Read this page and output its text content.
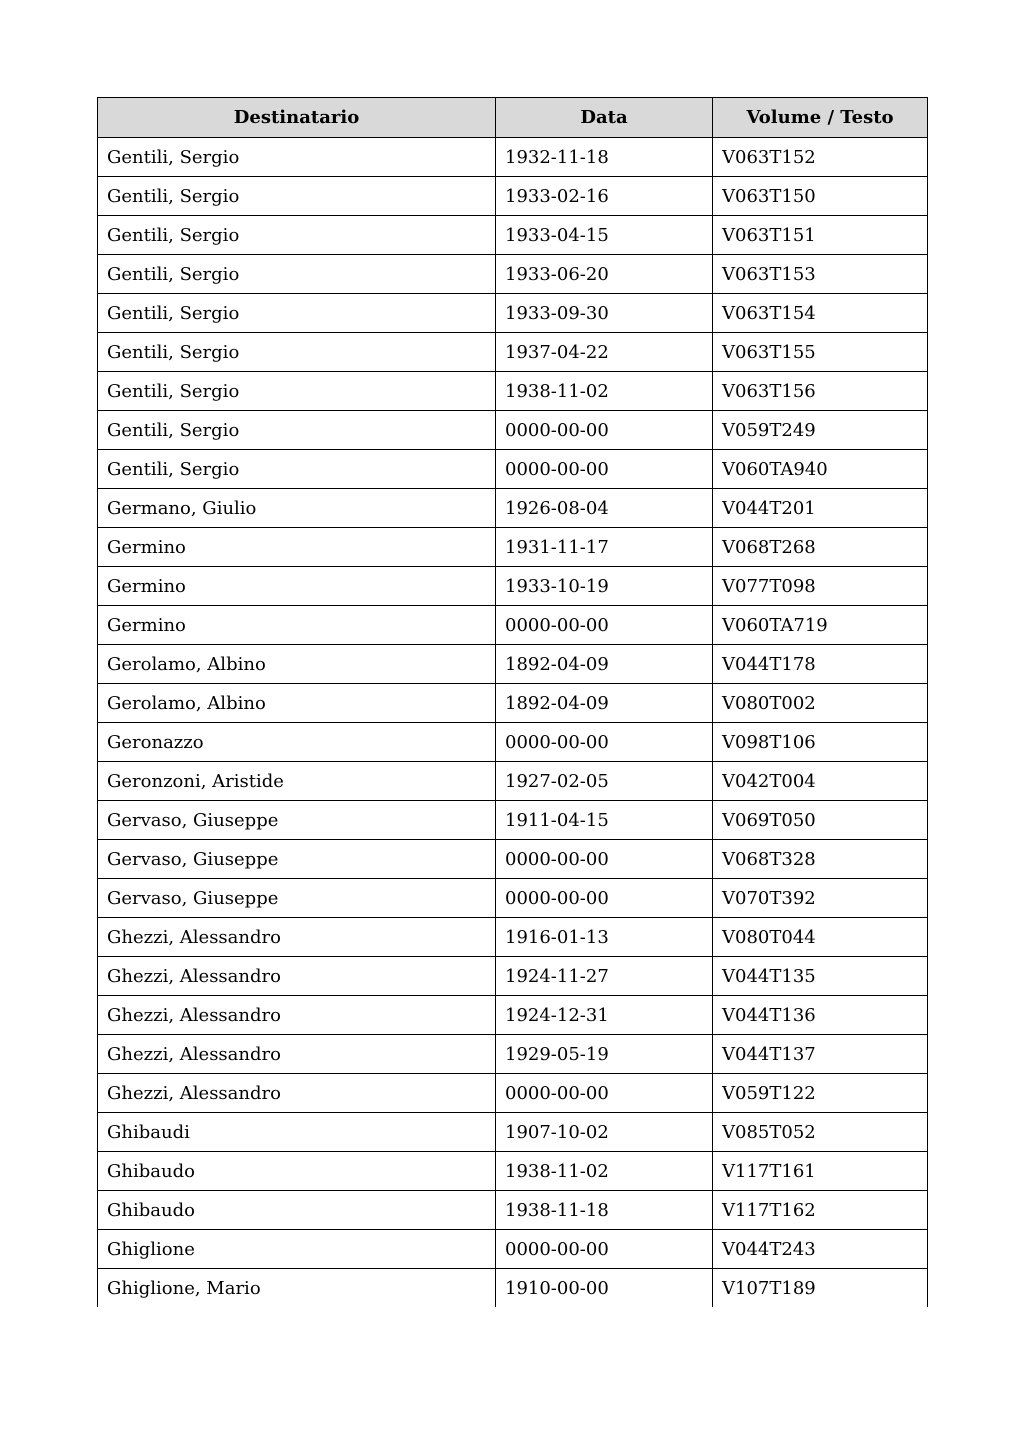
Destinatario	Data	Volume / Testo
Gentili, Sergio	1932-11-18	V063T152
Gentili, Sergio	1933-02-16	V063T150
Gentili, Sergio	1933-04-15	V063T151
Gentili, Sergio	1933-06-20	V063T153
Gentili, Sergio	1933-09-30	V063T154
Gentili, Sergio	1937-04-22	V063T155
Gentili, Sergio	1938-11-02	V063T156
Gentili, Sergio	0000-00-00	V059T249
Gentili, Sergio	0000-00-00	V060TA940
Germano, Giulio	1926-08-04	V044T201
Germino	1931-11-17	V068T268
Germino	1933-10-19	V077T098
Germino	0000-00-00	V060TA719
Gerolamo, Albino	1892-04-09	V044T178
Gerolamo, Albino	1892-04-09	V080T002
Geronazzo	0000-00-00	V098T106
Geronzoni, Aristide	1927-02-05	V042T004
Gervaso, Giuseppe	1911-04-15	V069T050
Gervaso, Giuseppe	0000-00-00	V068T328
Gervaso, Giuseppe	0000-00-00	V070T392
Ghezzi, Alessandro	1916-01-13	V080T044
Ghezzi, Alessandro	1924-11-27	V044T135
Ghezzi, Alessandro	1924-12-31	V044T136
Ghezzi, Alessandro	1929-05-19	V044T137
Ghezzi, Alessandro	0000-00-00	V059T122
Ghibaudi	1907-10-02	V085T052
Ghibaudo	1938-11-02	V117T161
Ghibaudo	1938-11-18	V117T162
Ghiglione	0000-00-00	V044T243
Ghiglione, Mario	1910-00-00	V107T189
